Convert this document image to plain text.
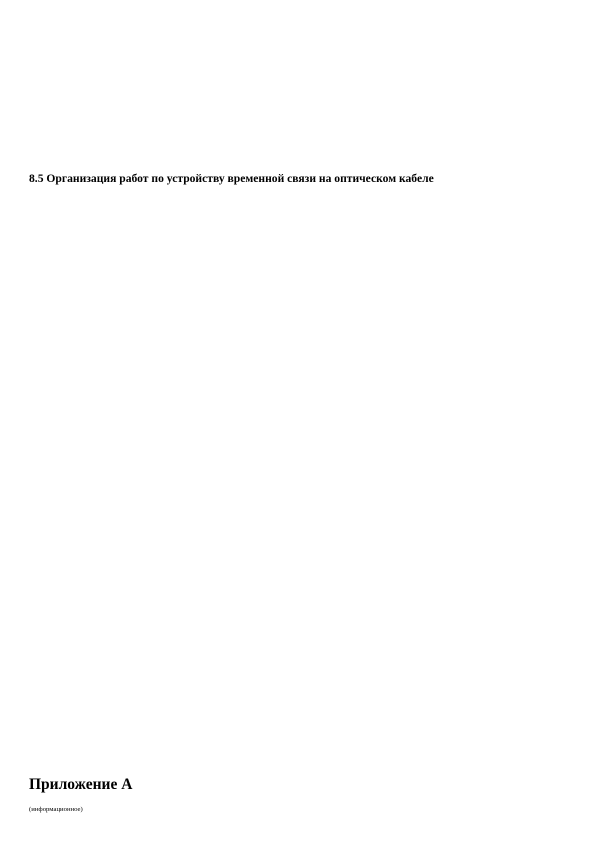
8.5 Организация работ по устройству временной связи на оптическом кабеле

Приложение А

(информационное)
